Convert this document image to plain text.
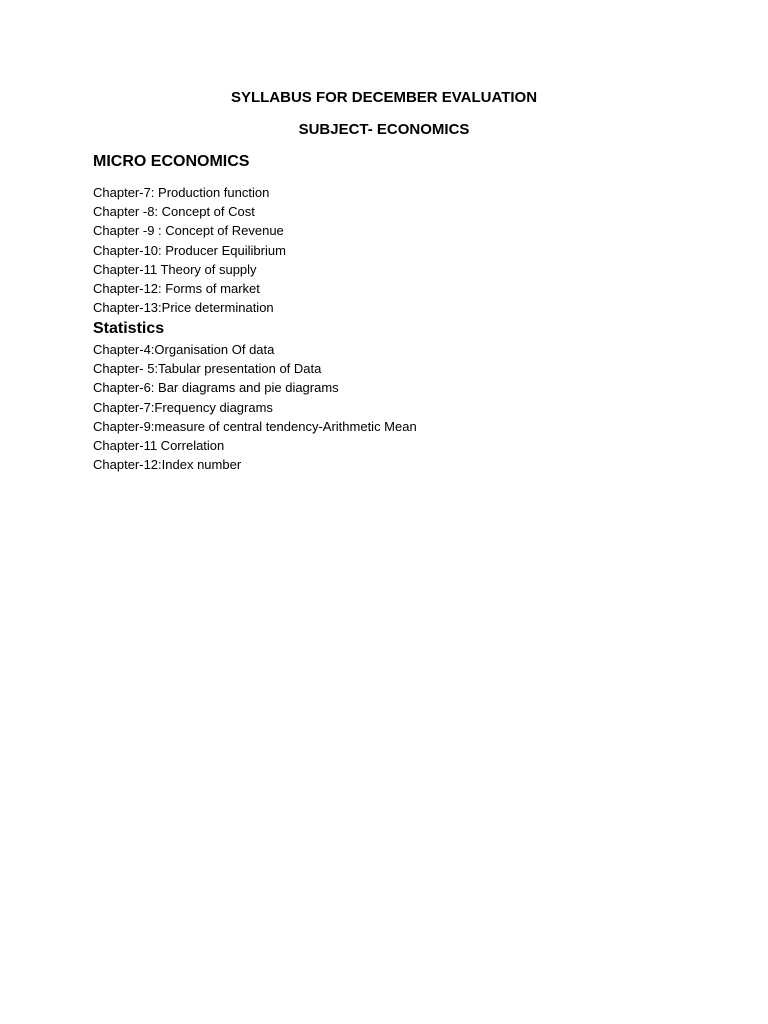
SYLLABUS FOR DECEMBER EVALUATION
SUBJECT- ECONOMICS
MICRO ECONOMICS
Chapter-7: Production function
Chapter -8: Concept of Cost
Chapter -9 : Concept of Revenue
Chapter-10: Producer Equilibrium
Chapter-11 Theory of supply
Chapter-12: Forms of market
Chapter-13:Price determination
Statistics
Chapter-4:Organisation Of data
Chapter- 5:Tabular presentation of Data
Chapter-6: Bar diagrams and pie diagrams
Chapter-7:Frequency diagrams
Chapter-9:measure of central tendency-Arithmetic Mean
Chapter-11 Correlation
Chapter-12:Index number
